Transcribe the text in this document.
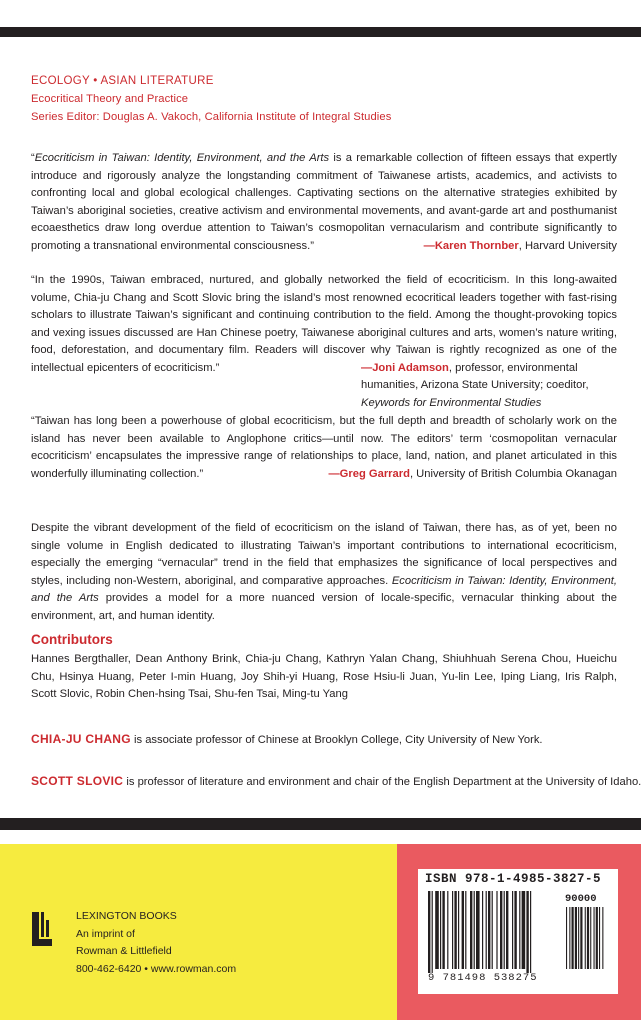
ECOLOGY • ASIAN LITERATURE
Ecocritical Theory and Practice
Series Editor: Douglas A. Vakoch, California Institute of Integral Studies

“Ecocriticism in Taiwan: Identity, Environment, and the Arts is a remarkable collection of fifteen essays that expertly introduce and rigorously analyze the longstanding commitment of Taiwanese artists, academics, and activists to confronting local and global ecological challenges. Captivating sections on the alternative strategies exhibited by Taiwan’s aboriginal societies, creative activism and environmental movements, and avant-garde art and posthumanist ecoaesthetics draw long overdue attention to Taiwan’s cosmopolitan vernacularism and contribute significantly to promoting a transnational environmental consciousness.”	—Karen Thornber, Harvard University

“In the 1990s, Taiwan embraced, nurtured, and globally networked the field of ecocriticism. In this long-awaited volume, Chia-ju Chang and Scott Slovic bring the island’s most renowned ecocritical leaders together with fast-rising scholars to illustrate Taiwan’s significant and continuing contribution to the field. Among the thought-provoking topics and vexing issues discussed are Han Chinese poetry, Taiwanese aboriginal cultures and arts, women’s nature writing, food, deforestation, and documentary film. Readers will discover why Taiwan is rightly recognized as one of the intellectual epicenters of ecocriticism.”	—Joni Adamson, professor, environmental humanities, Arizona State University; coeditor, Keywords for Environmental Studies

“Taiwan has long been a powerhouse of global ecocriticism, but the full depth and breadth of scholarly work on the island has never been available to Anglophone critics—until now. The editors’ term ‘cosmopolitan vernacular ecocriticism’ encapsulates the impressive range of relationships to place, land, nation, and planet articulated in this wonderfully illuminating collection.”	—Greg Garrard, University of British Columbia Okanagan

Despite the vibrant development of the field of ecocriticism on the island of Taiwan, there has, as of yet, been no single volume in English dedicated to illustrating Taiwan’s important contributions to international ecocriticism, especially the emerging “vernacular” trend in the field that emphasizes the significance of local perspectives and styles, including non-Western, aboriginal, and comparative approaches. Ecocriticism in Taiwan: Identity, Environment, and the Arts provides a model for a more nuanced version of locale-specific, vernacular thinking about the environment, art, and human identity.

Contributors
Hannes Bergthaller, Dean Anthony Brink, Chia-ju Chang, Kathryn Yalan Chang, Shiuhhuah Serena Chou, Hueichu Chu, Hsinya Huang, Peter I-min Huang, Joy Shih-yi Huang, Rose Hsiu-li Juan, Yu-lin Lee, Iping Liang, Iris Ralph, Scott Slovic, Robin Chen-hsing Tsai, Shu-fen Tsai, Ming-tu Yang
CHIA-JU CHANG is associate professor of Chinese at Brooklyn College, City University of New York.
SCOTT SLOVIC is professor of literature and environment and chair of the English Department at the University of Idaho.
LEXINGTON BOOKS
An imprint of
Rowman & Littlefield
800-462-6420 • www.rowman.com
ISBN 978-1-4985-3827-5
90000
9 781498 538275
